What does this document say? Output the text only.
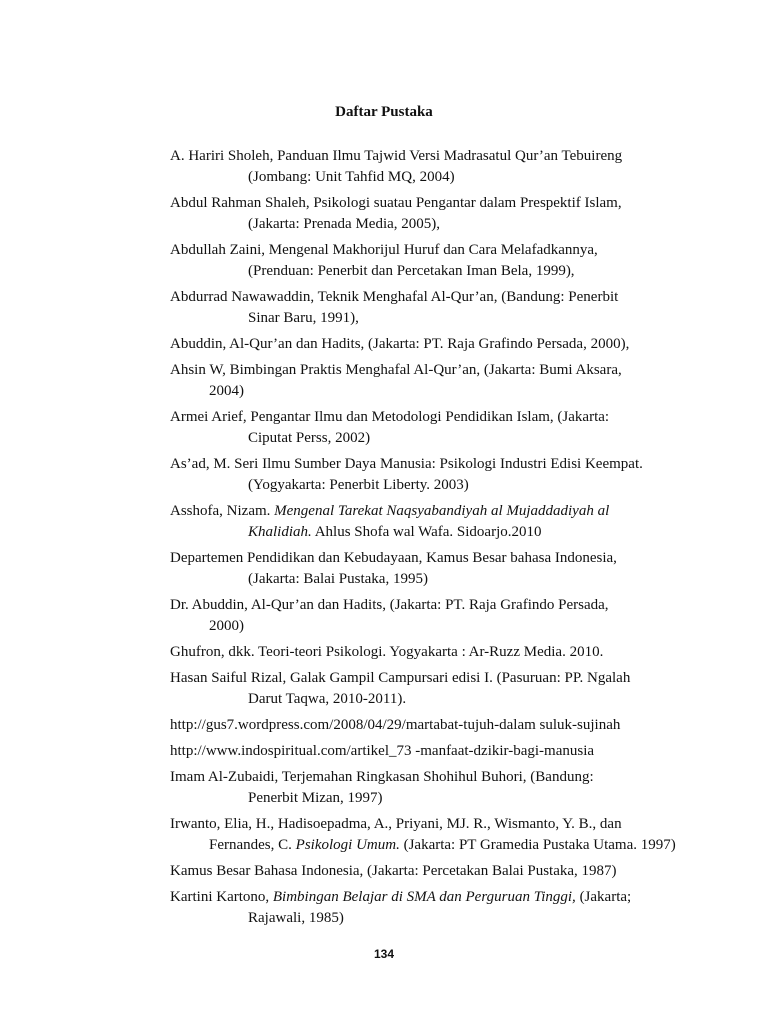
Daftar Pustaka
A. Hariri Sholeh, Panduan Ilmu Tajwid Versi Madrasatul Qur’an Tebuireng
(Jombang: Unit Tahfid MQ, 2004)
Abdul Rahman Shaleh, Psikologi suatau Pengantar dalam Prespektif Islam,
(Jakarta: Prenada Media, 2005),
Abdullah Zaini, Mengenal Makhorijul Huruf dan Cara Melafadkannya,
(Prenduan: Penerbit dan Percetakan Iman Bela, 1999),
Abdurrad Nawawaddin, Teknik Menghafal Al-Qur’an, (Bandung: Penerbit
Sinar Baru, 1991),
Abuddin, Al-Qur’an dan Hadits, (Jakarta: PT. Raja Grafindo Persada, 2000),
Ahsin W, Bimbingan Praktis Menghafal Al-Qur’an, (Jakarta: Bumi Aksara,
2004)
Armei Arief, Pengantar Ilmu dan Metodologi Pendidikan Islam, (Jakarta:
Ciputat Perss, 2002)
As’ad, M. Seri Ilmu Sumber Daya Manusia: Psikologi Industri Edisi Keempat.
(Yogyakarta: Penerbit Liberty. 2003)
Asshofa, Nizam. Mengenal Tarekat Naqsyabandiyah al Mujaddadiyah al
Khalidiah. Ahlus Shofa wal Wafa. Sidoarjo.2010
Departemen Pendidikan dan Kebudayaan, Kamus Besar bahasa Indonesia,
(Jakarta: Balai Pustaka, 1995)
Dr. Abuddin, Al-Qur’an dan Hadits, (Jakarta: PT. Raja Grafindo Persada,
2000)
Ghufron, dkk. Teori-teori Psikologi. Yogyakarta : Ar-Ruzz Media. 2010.
Hasan Saiful Rizal, Galak Gampil Campursari edisi I. (Pasuruan: PP. Ngalah
Darut Taqwa, 2010-2011).
http://gus7.wordpress.com/2008/04/29/martabat-tujuh-dalam suluk-sujinah
http://www.indospiritual.com/artikel_73 -manfaat-dzikir-bagi-manusia
Imam Al-Zubaidi, Terjemahan Ringkasan Shohihul Buhori, (Bandung:
Penerbit Mizan, 1997)
Irwanto, Elia, H., Hadisoepadma, A., Priyani, MJ. R., Wismanto, Y. B., dan
Fernandes, C. Psikologi Umum. (Jakarta: PT Gramedia Pustaka Utama. 1997)
Kamus Besar Bahasa Indonesia, (Jakarta: Percetakan Balai Pustaka, 1987)
Kartini Kartono, Bimbingan Belajar di SMA dan Perguruan Tinggi, (Jakarta;
Rajawali, 1985)
134
